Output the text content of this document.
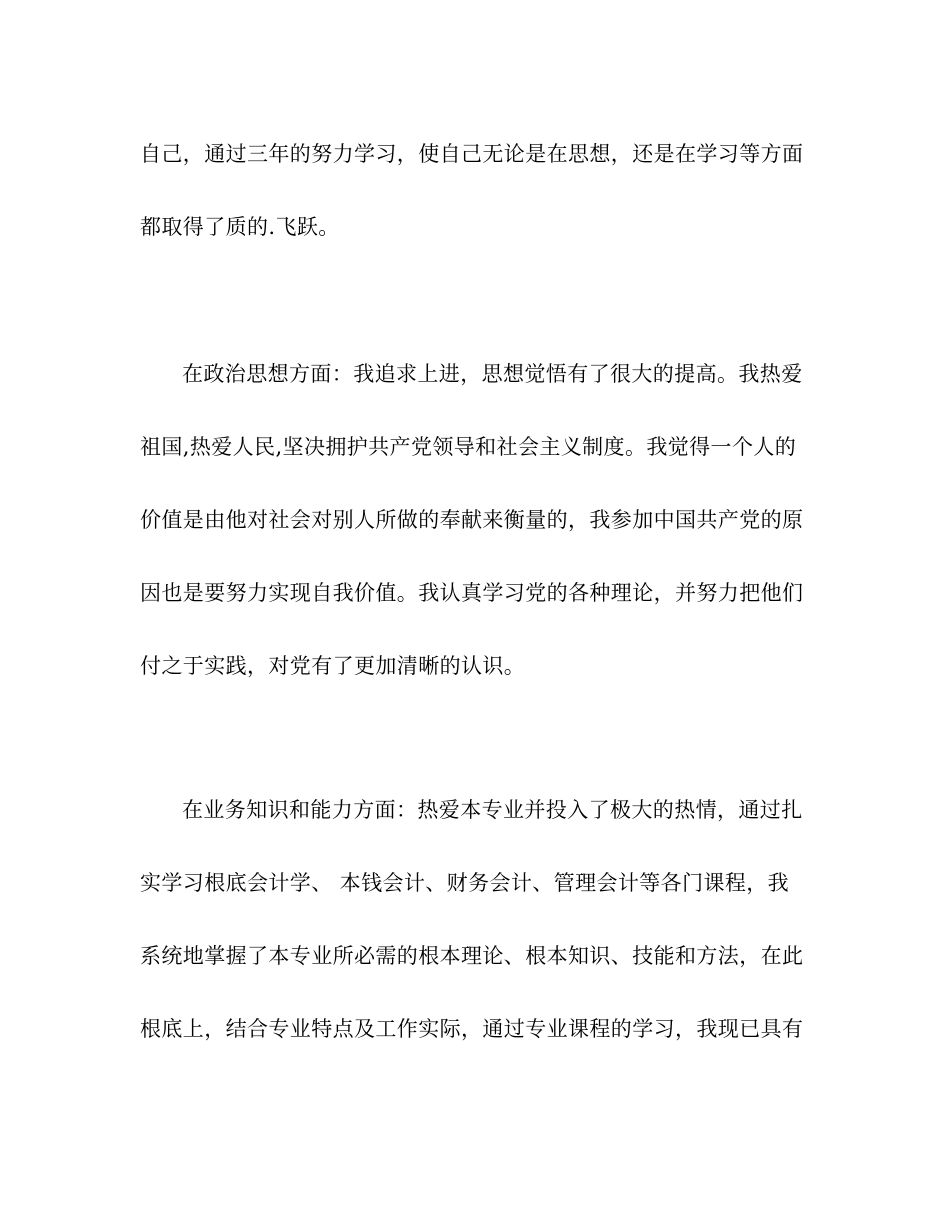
自己，通过三年的努力学习，使自己无论是在思想，还是在学习等方面
都取得了质的.飞跃。
在政治思想方面：我追求上进，思想觉悟有了很大的提高。我热爱
祖国,热爱人民,坚决拥护共产党领导和社会主义制度。我觉得一个人的
价值是由他对社会对别人所做的奉献来衡量的，我参加中国共产党的原
因也是要努力实现自我价值。我认真学习党的各种理论，并努力把他们
付之于实践，对党有了更加清晰的认识。
在业务知识和能力方面：热爱本专业并投入了极大的热情，通过扎
实学习根底会计学、 本钱会计、财务会计、管理会计等各门课程，我
系统地掌握了本专业所必需的根本理论、根本知识、技能和方法，在此
根底上，结合专业特点及工作实际，通过专业课程的学习，我现已具有
